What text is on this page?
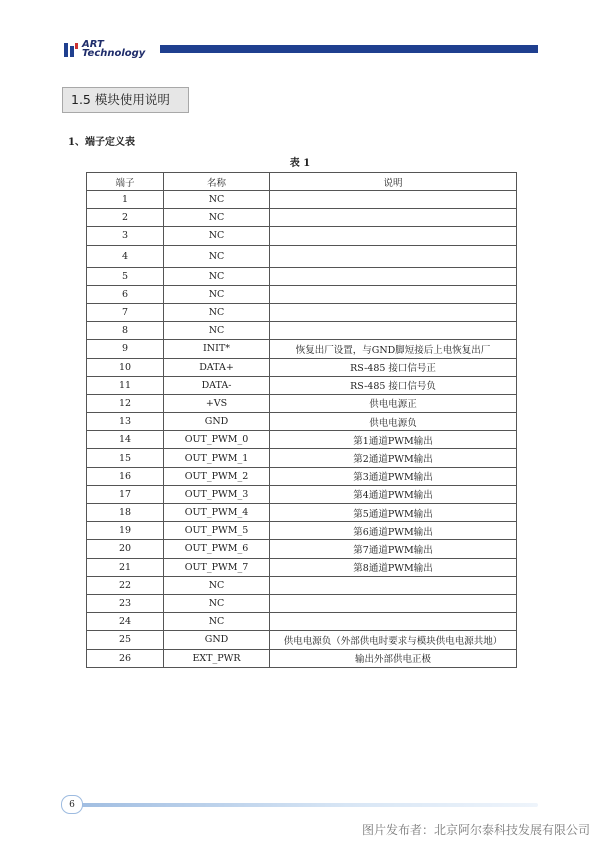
ART
Technology
1.5 模块使用说明
1、端子定义表
表 1
端子	名称	说明
1	NC	
2	NC	
3	NC	
4	NC	
5	NC	
6	NC	
7	NC	
8	NC	
9	INIT*	恢复出厂设置，与GND脚短接后上电恢复出厂
10	DATA+	RS-485 接口信号正
11	DATA-	RS-485 接口信号负
12	+VS	供电电源正
13	GND	供电电源负
14	OUT_PWM_0	第1通道PWM输出
15	OUT_PWM_1	第2通道PWM输出
16	OUT_PWM_2	第3通道PWM输出
17	OUT_PWM_3	第4通道PWM输出
18	OUT_PWM_4	第5通道PWM输出
19	OUT_PWM_5	第6通道PWM输出
20	OUT_PWM_6	第7通道PWM输出
21	OUT_PWM_7	第8通道PWM输出
22	NC	
23	NC	
24	NC	
25	GND	供电电源负（外部供电时要求与模块供电电源共地）
26	EXT_PWR	输出外部供电正极
6
图片发布者：北京阿尔泰科技发展有限公司
